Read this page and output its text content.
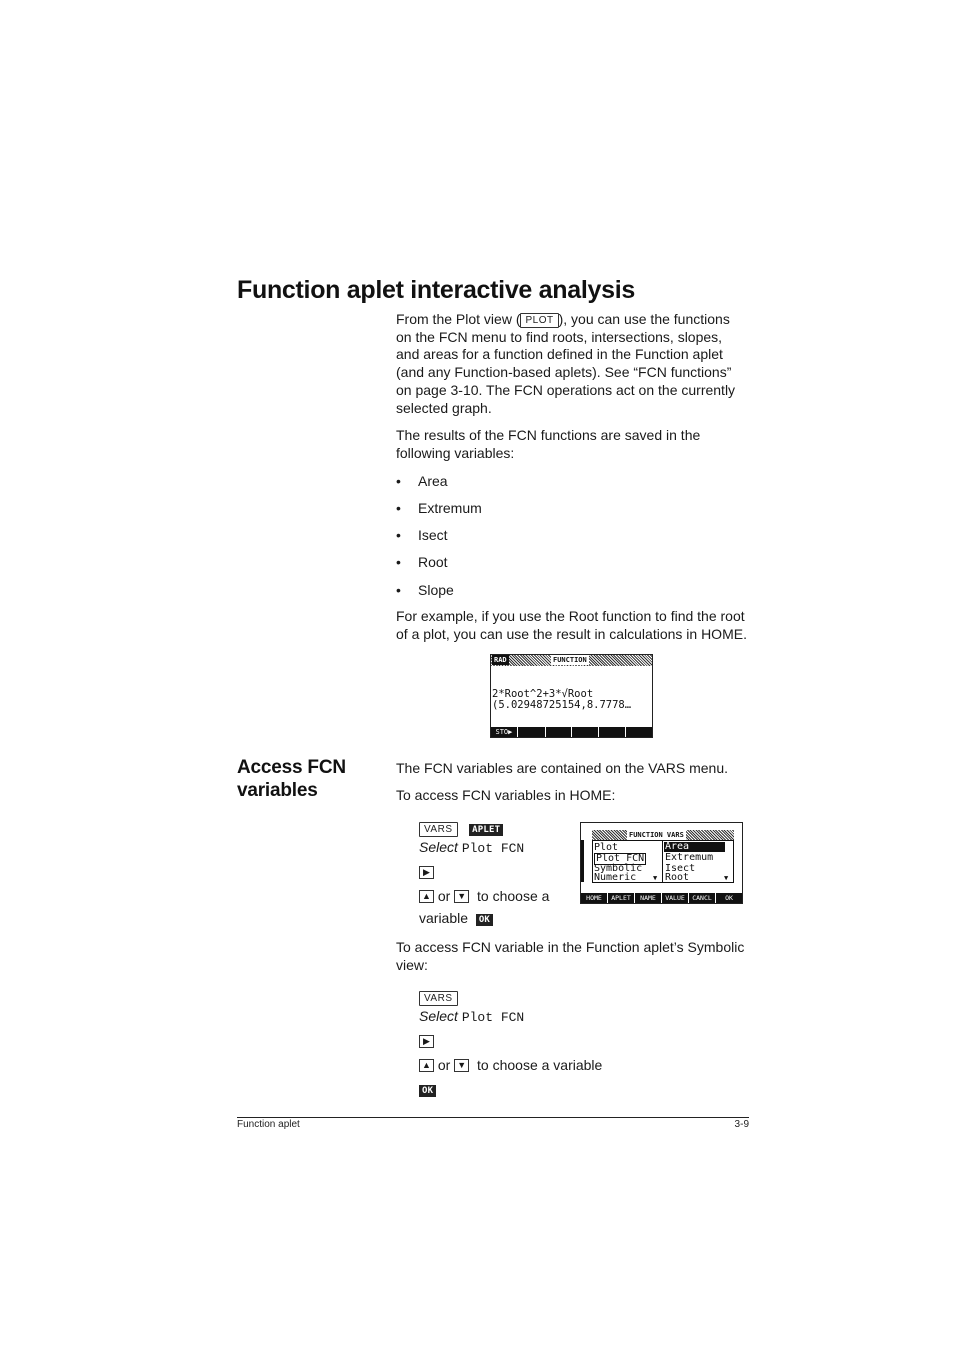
Function aplet interactive analysis

From the Plot view ( PLOT ), you can use the functions on the FCN menu to find roots, intersections, slopes, and areas for a function defined in the Function aplet (and any Function-based aplets). See “FCN functions” on page 3-10. The FCN operations act on the currently selected graph.

The results of the FCN functions are saved in the following variables:

• Area
• Extremum
• Isect
• Root
• Slope

For example, if you use the Root function to find the root of a plot, you can use the result in calculations in HOME.

RAD	FUNCTION
2*Root^2+3*√Root
(5.02948725154,8.7778…
STO▶
Access FCN variables

The FCN variables are contained on the VARS menu.

To access FCN variables in HOME:

VARS APLET
Select Plot FCN
▶
▲ or ▼ to choose a
variable OK
FUNCTION VARS
Plot
Plot FCN
Symbolic
Numeric ▼
Area
Extremum
Isect
Root	▼
HOME	APLET	NAME	VALUE	CANCL	OK

To access FCN variable in the Function aplet’s Symbolic view:

VARS
Select Plot FCN
▶
▲ or ▼ to choose a variable
OK
Function aplet	3-9
